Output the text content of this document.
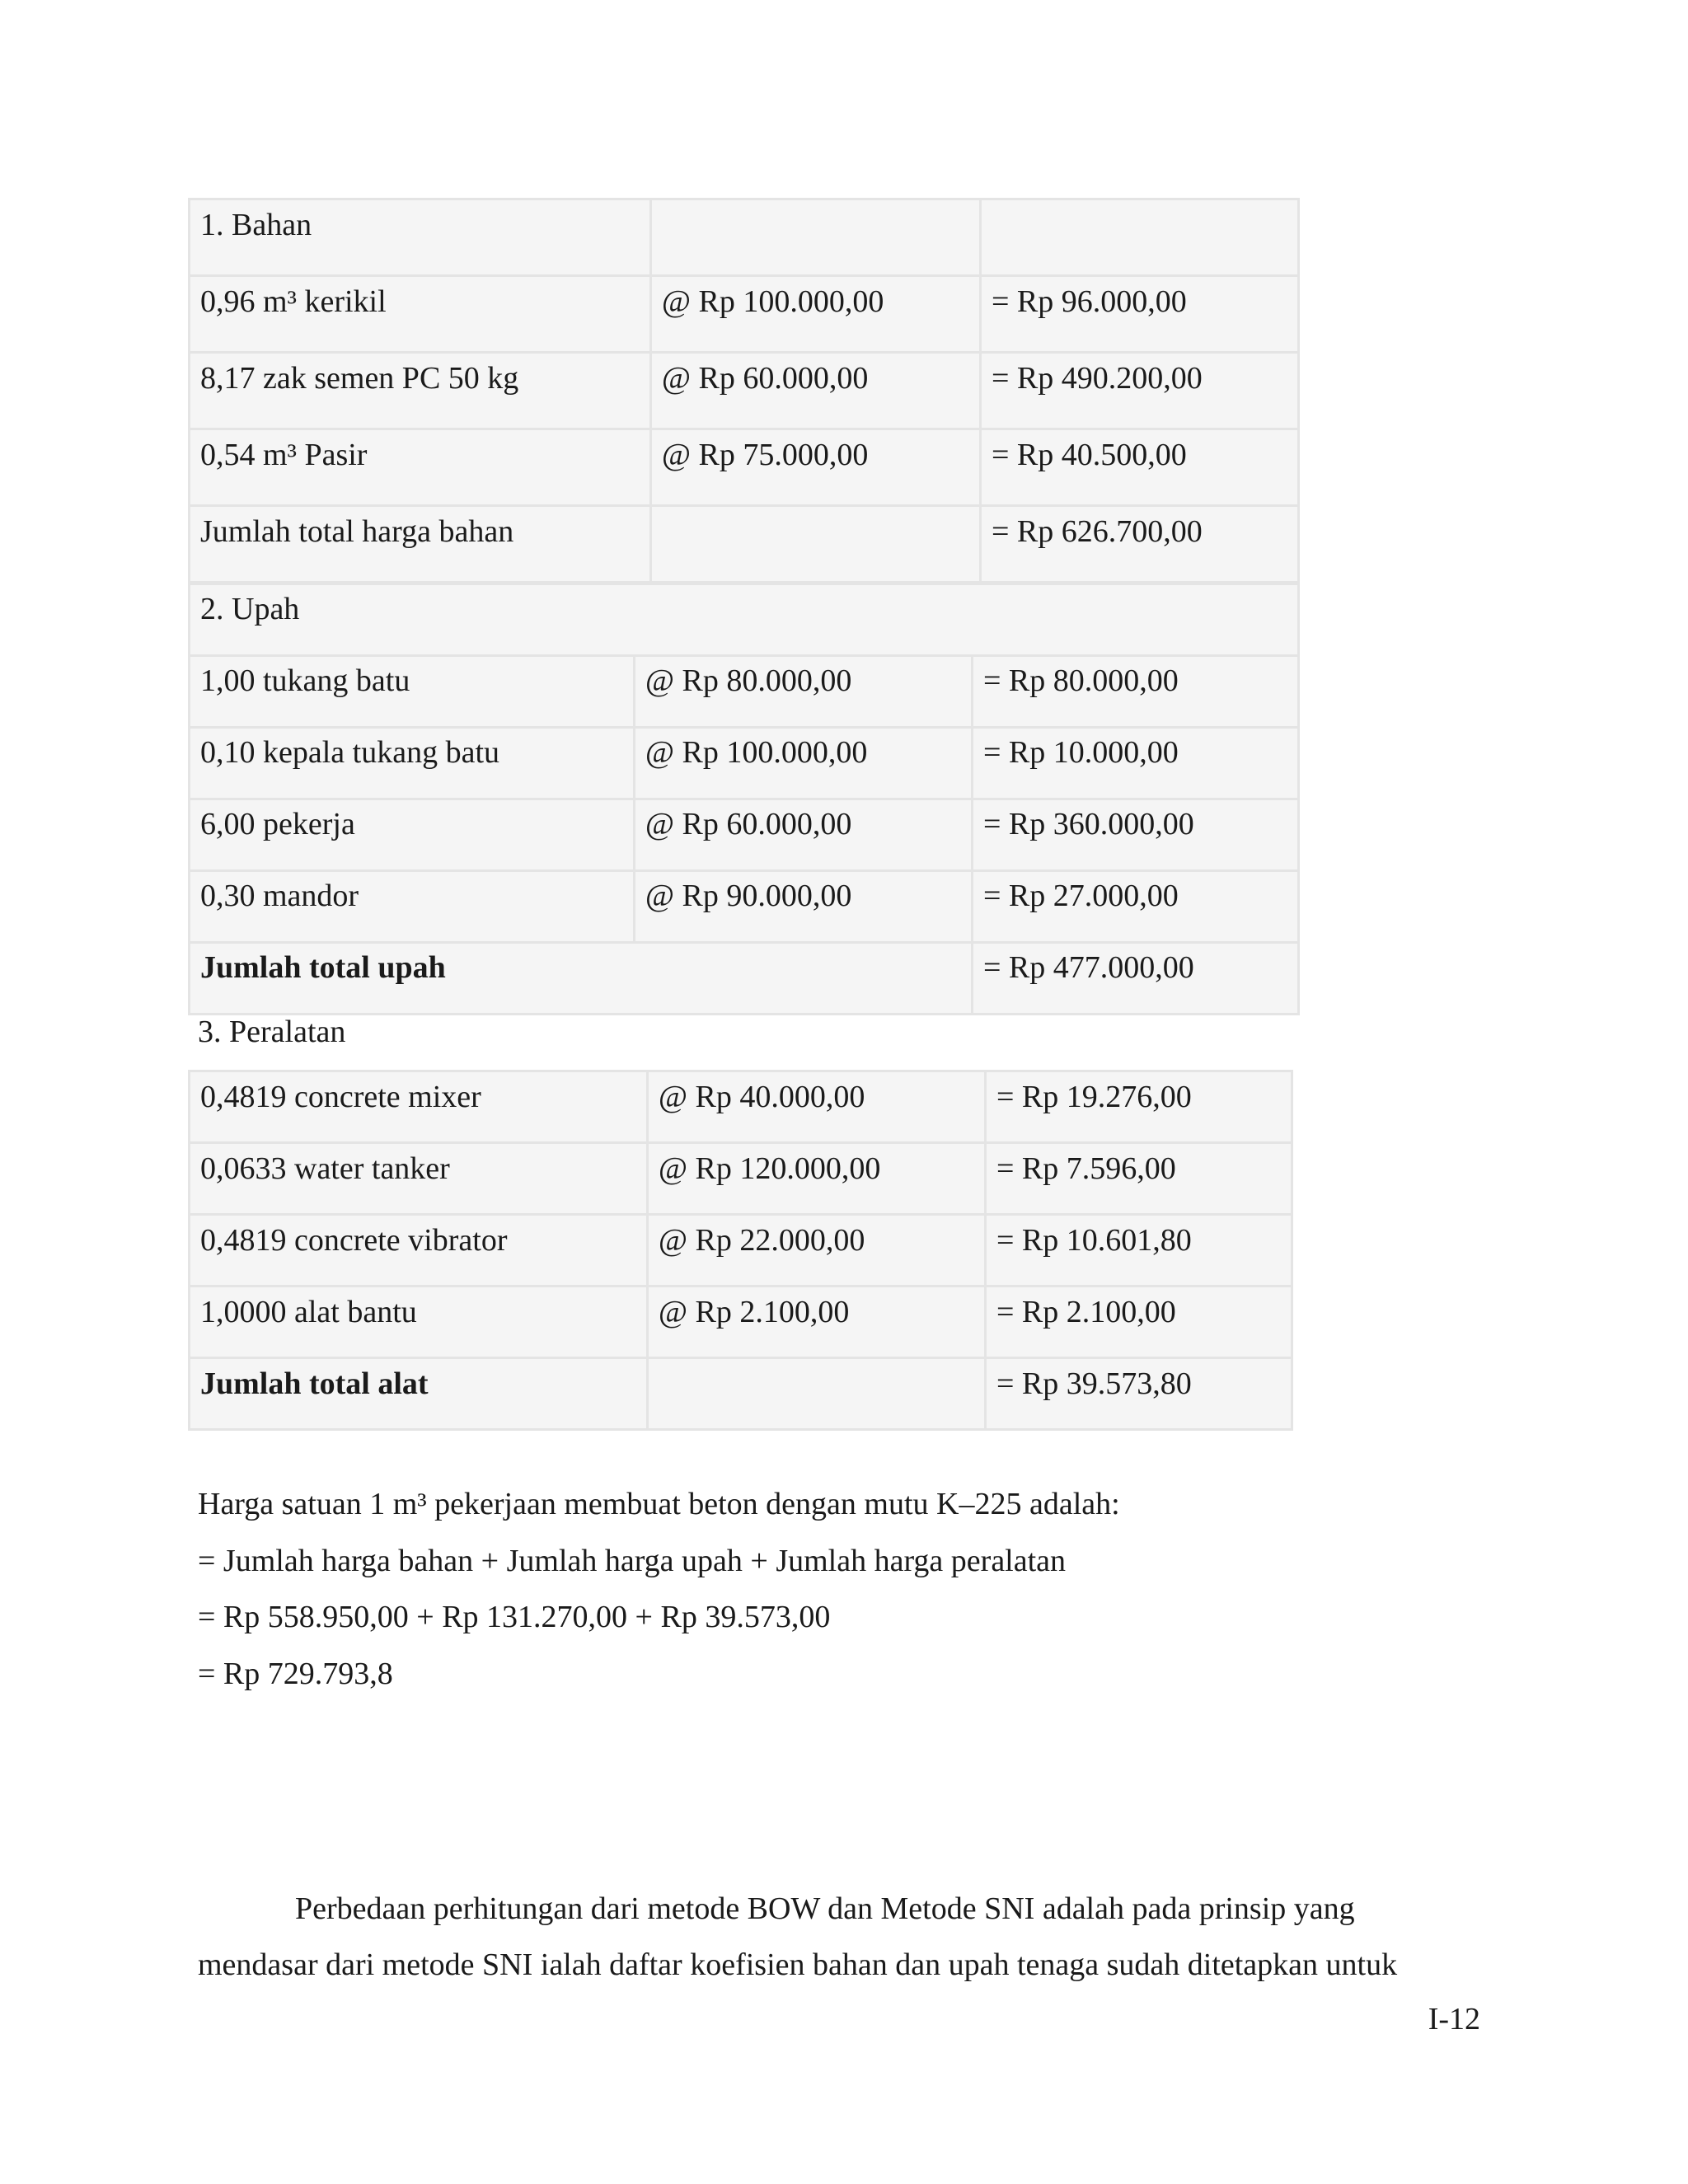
1. Bahan		
0,96 m³ kerikil	@ Rp 100.000,00	= Rp 96.000,00
8,17 zak semen PC 50 kg	@ Rp 60.000,00	= Rp 490.200,00
0,54 m³ Pasir	@ Rp 75.000,00	= Rp 40.500,00
Jumlah total harga bahan		= Rp 626.700,00
2. Upah		
1,00 tukang batu	@ Rp 80.000,00	= Rp 80.000,00
0,10 kepala tukang batu	@ Rp 100.000,00	= Rp 10.000,00
6,00 pekerja	@ Rp 60.000,00	= Rp 360.000,00
0,30 mandor	@ Rp 90.000,00	= Rp 27.000,00
Jumlah total upah		= Rp 477.000,00
3. Peralatan
0,4819 concrete mixer	@ Rp 40.000,00	= Rp 19.276,00
0,0633 water tanker	@ Rp 120.000,00	= Rp 7.596,00
0,4819 concrete vibrator	@ Rp 22.000,00	= Rp 10.601,80
1,0000 alat bantu	@ Rp 2.100,00	= Rp 2.100,00
Jumlah total alat		= Rp 39.573,80
Harga satuan 1 m³ pekerjaan membuat beton dengan mutu K–225 adalah:
= Jumlah harga bahan + Jumlah harga upah + Jumlah harga peralatan
= Rp 558.950,00 + Rp 131.270,00 + Rp 39.573,00
= Rp 729.793,8
Perbedaan perhitungan dari metode BOW dan Metode SNI adalah pada prinsip yang
mendasar dari metode SNI ialah daftar koefisien bahan dan upah tenaga sudah ditetapkan untuk
I-12
